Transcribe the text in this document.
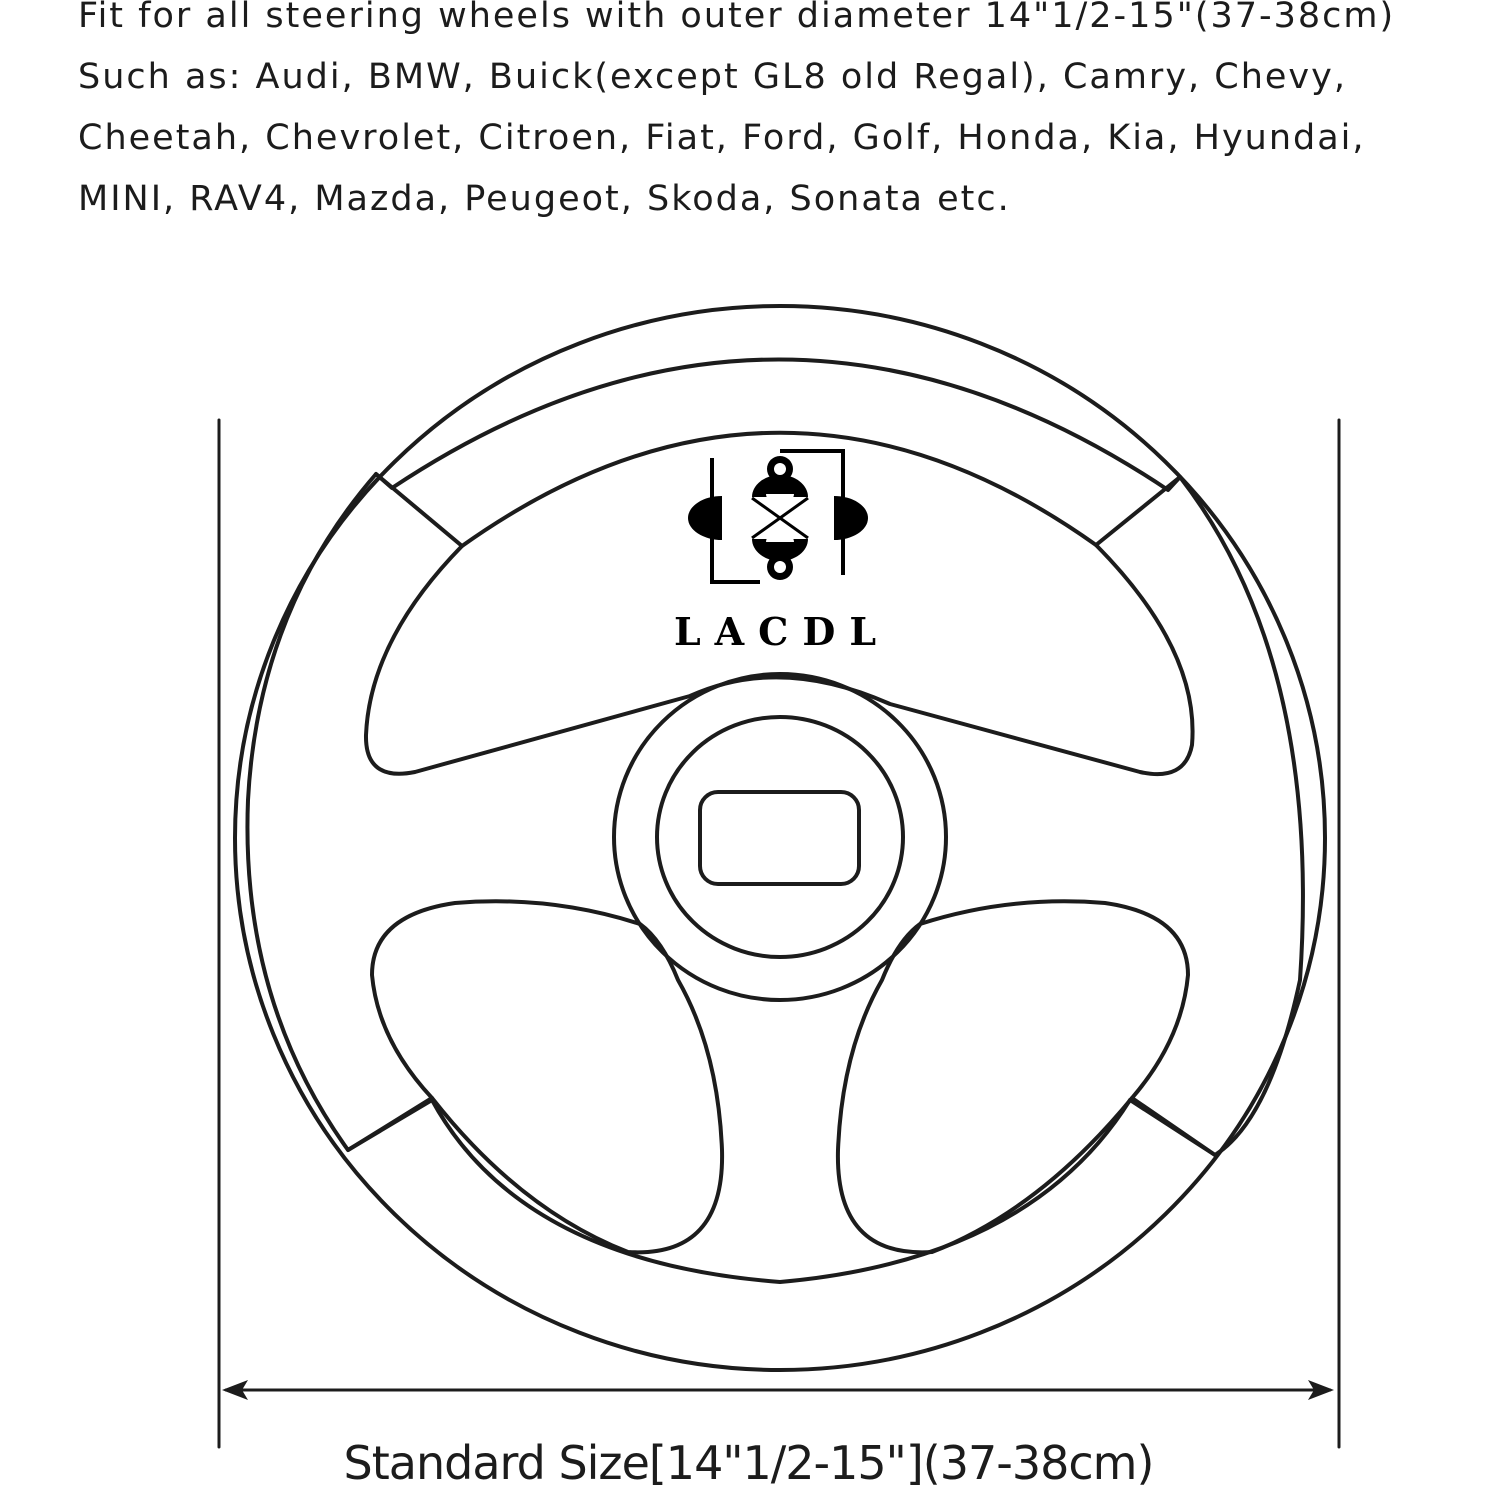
Fit for all steering wheels with outer diameter 14"1/2-15"(37-38cm)

Such as: Audi, BMW, Buick(except GL8 old Regal), Camry, Chevy,

Cheetah, Chevrolet, Citroen, Fiat, Ford, Golf, Honda, Kia, Hyundai,

MINI, RAV4, Mazda, Peugeot, Skoda, Sonata etc.

LACDL
Standard Size[14"1/2-15"](37-38cm)
